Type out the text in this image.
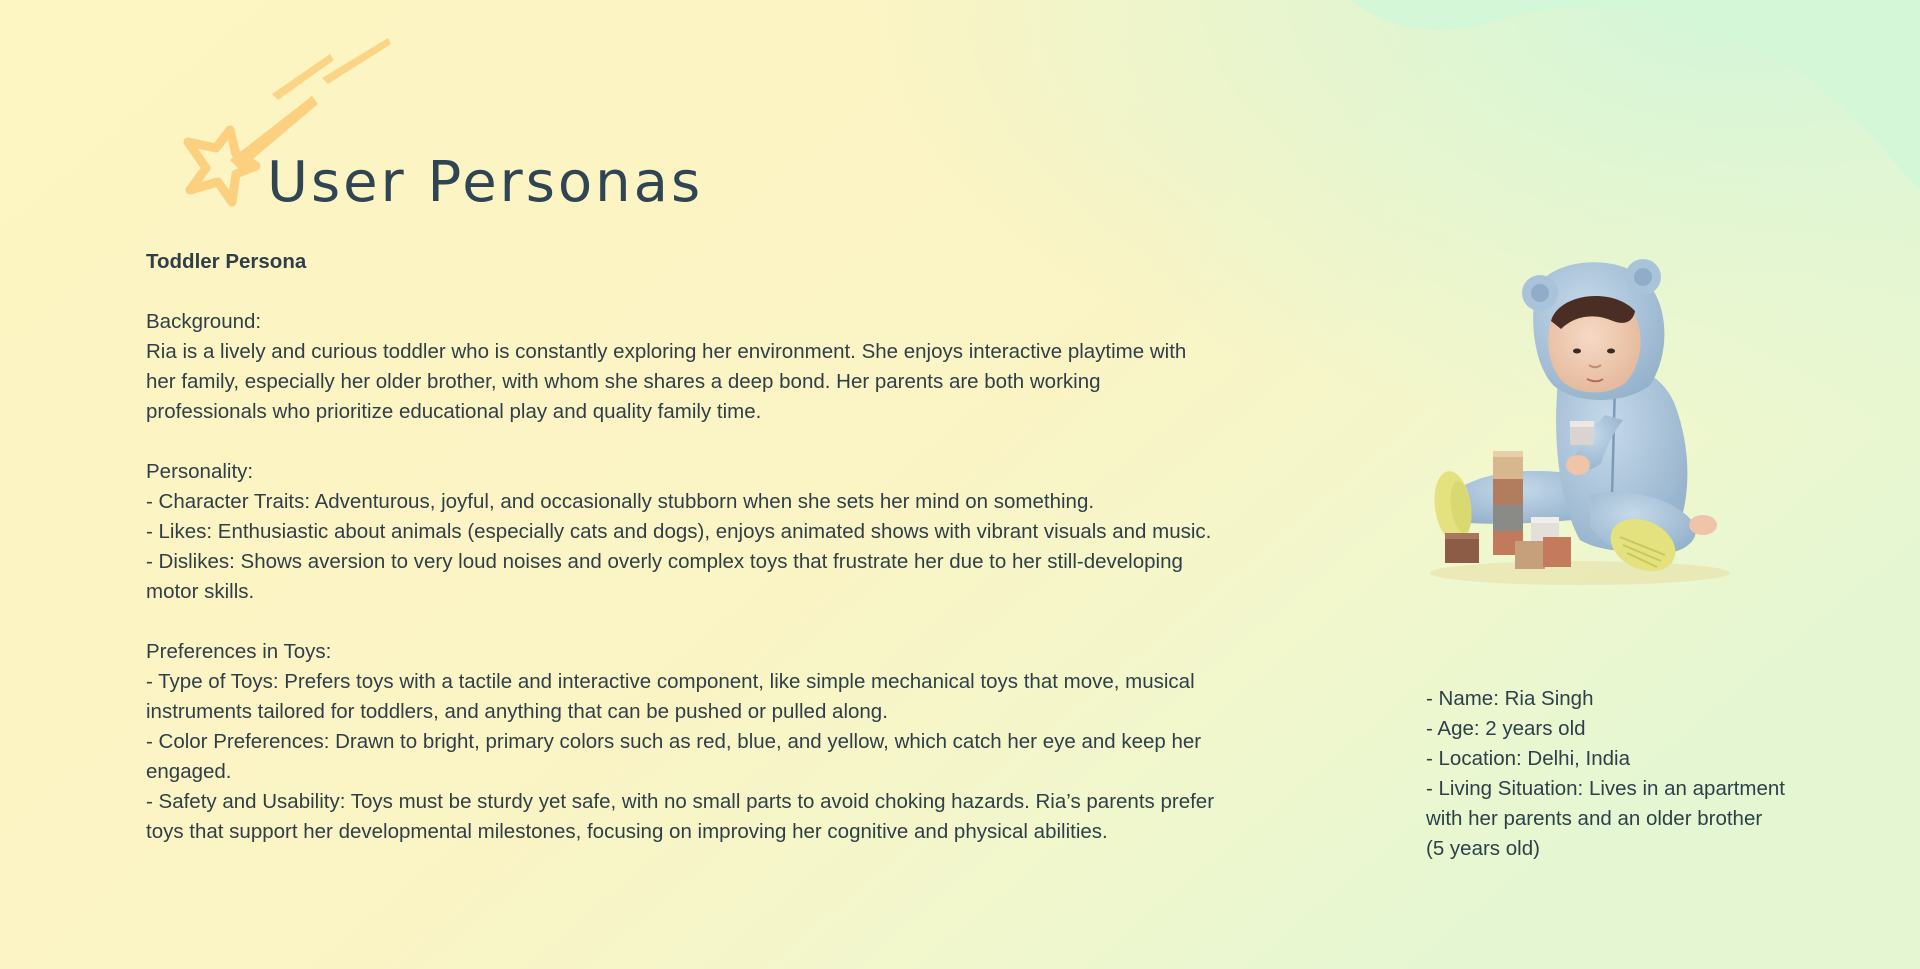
User Personas
Toddler Persona

Background:

Ria is a lively and curious toddler who is constantly exploring her environment. She enjoys interactive playtime with her family, especially her older brother, with whom she shares a deep bond. Her parents are both working professionals who prioritize educational play and quality family time.

Personality:

- Character Traits: Adventurous, joyful, and occasionally stubborn when she sets her mind on something.

- Likes: Enthusiastic about animals (especially cats and dogs), enjoys animated shows with vibrant visuals and music.

- Dislikes: Shows aversion to very loud noises and overly complex toys that frustrate her due to her still-developing motor skills.

Preferences in Toys:

- Type of Toys: Prefers toys with a tactile and interactive component, like simple mechanical toys that move, musical instruments tailored for toddlers, and anything that can be pushed or pulled along.

- Color Preferences: Drawn to bright, primary colors such as red, blue, and yellow, which catch her eye and keep her engaged.

- Safety and Usability: Toys must be sturdy yet safe, with no small parts to avoid choking hazards. Ria’s parents prefer toys that support her developmental milestones, focusing on improving her cognitive and physical abilities.

- Name: Ria Singh

- Age: 2 years old

- Location: Delhi, India

- Living Situation: Lives in an apartment with her parents and an older brother (5 years old)
